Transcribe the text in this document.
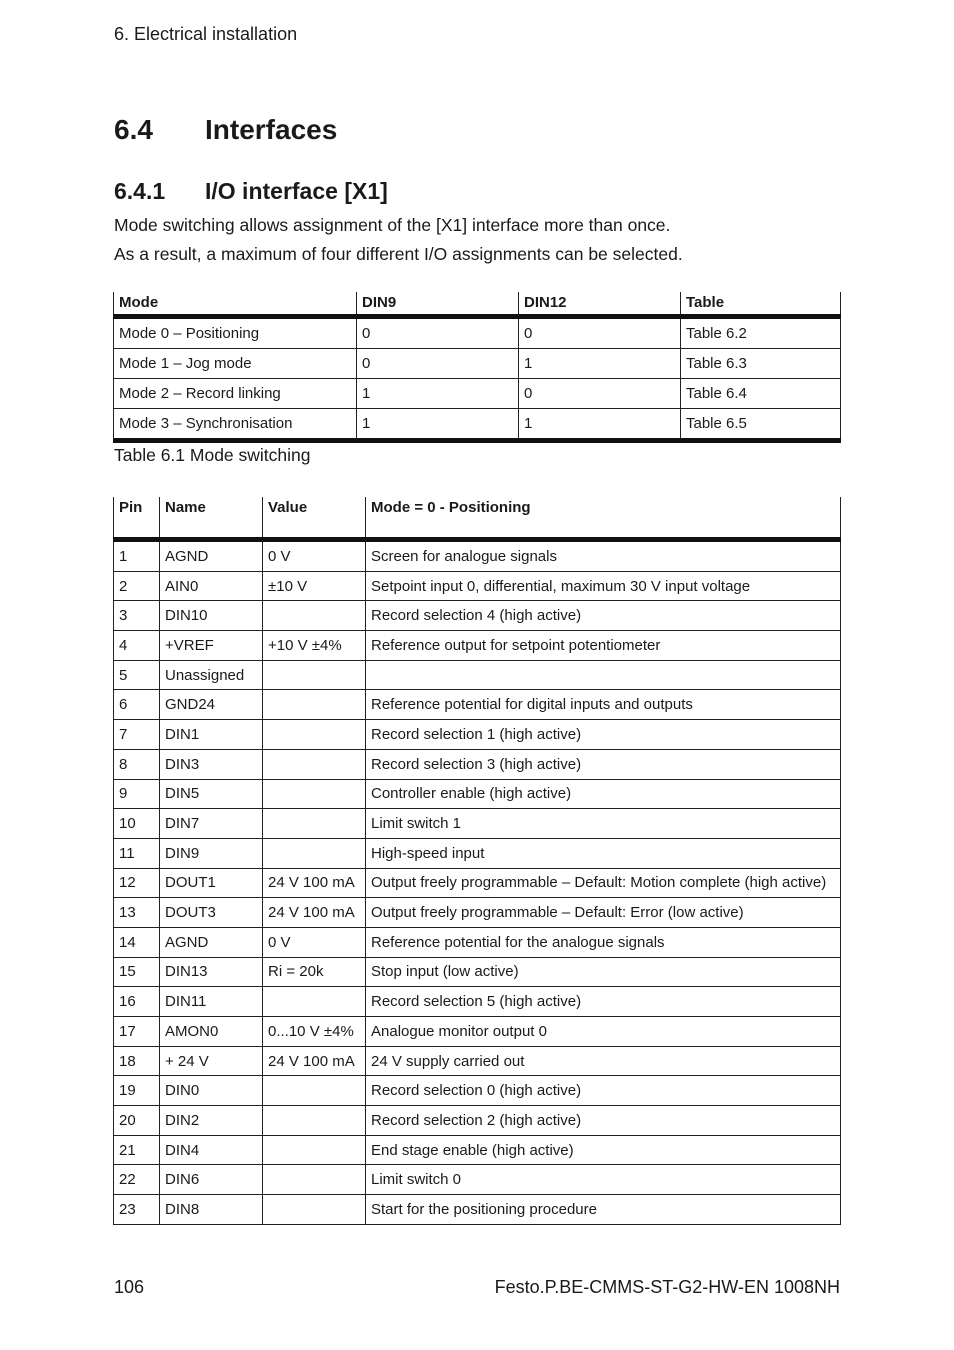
6. Electrical installation
6.4 Interfaces
6.4.1 I/O interface [X1]
Mode switching allows assignment of the [X1] interface more than once.
As a result, a maximum of four different I/O assignments can be selected.
Mode	DIN9	DIN12	Table
Mode 0 – Positioning	0	0	Table 6.2
Mode 1 – Jog mode	0	1	Table 6.3
Mode 2 – Record linking	1	0	Table 6.4
Mode 3 – Synchronisation	1	1	Table 6.5
Table 6.1 Mode switching
Pin	Name	Value	Mode = 0 - Positioning
1	AGND	0 V	Screen for analogue signals
2	AIN0	±10 V	Setpoint input 0, differential, maximum 30 V input voltage
3	DIN10		Record selection 4 (high active)
4	+VREF	+10 V ±4%	Reference output for setpoint potentiometer
5	Unassigned		
6	GND24		Reference potential for digital inputs and outputs
7	DIN1		Record selection 1 (high active)
8	DIN3		Record selection 3 (high active)
9	DIN5		Controller enable (high active)
10	DIN7		Limit switch 1
11	DIN9		High-speed input
12	DOUT1	24 V 100 mA	Output freely programmable – Default: Motion complete (high active)
13	DOUT3	24 V 100 mA	Output freely programmable – Default: Error (low active)
14	AGND	0 V	Reference potential for the analogue signals
15	DIN13	Ri = 20k	Stop input (low active)
16	DIN11		Record selection 5 (high active)
17	AMON0	0...10 V ±4%	Analogue monitor output 0
18	+ 24 V	24 V 100 mA	24 V supply carried out
19	DIN0		Record selection 0 (high active)
20	DIN2		Record selection 2 (high active)
21	DIN4		End stage enable (high active)
22	DIN6		Limit switch 0
23	DIN8		Start for the positioning procedure
106	Festo.P.BE-CMMS-ST-G2-HW-EN 1008NH
